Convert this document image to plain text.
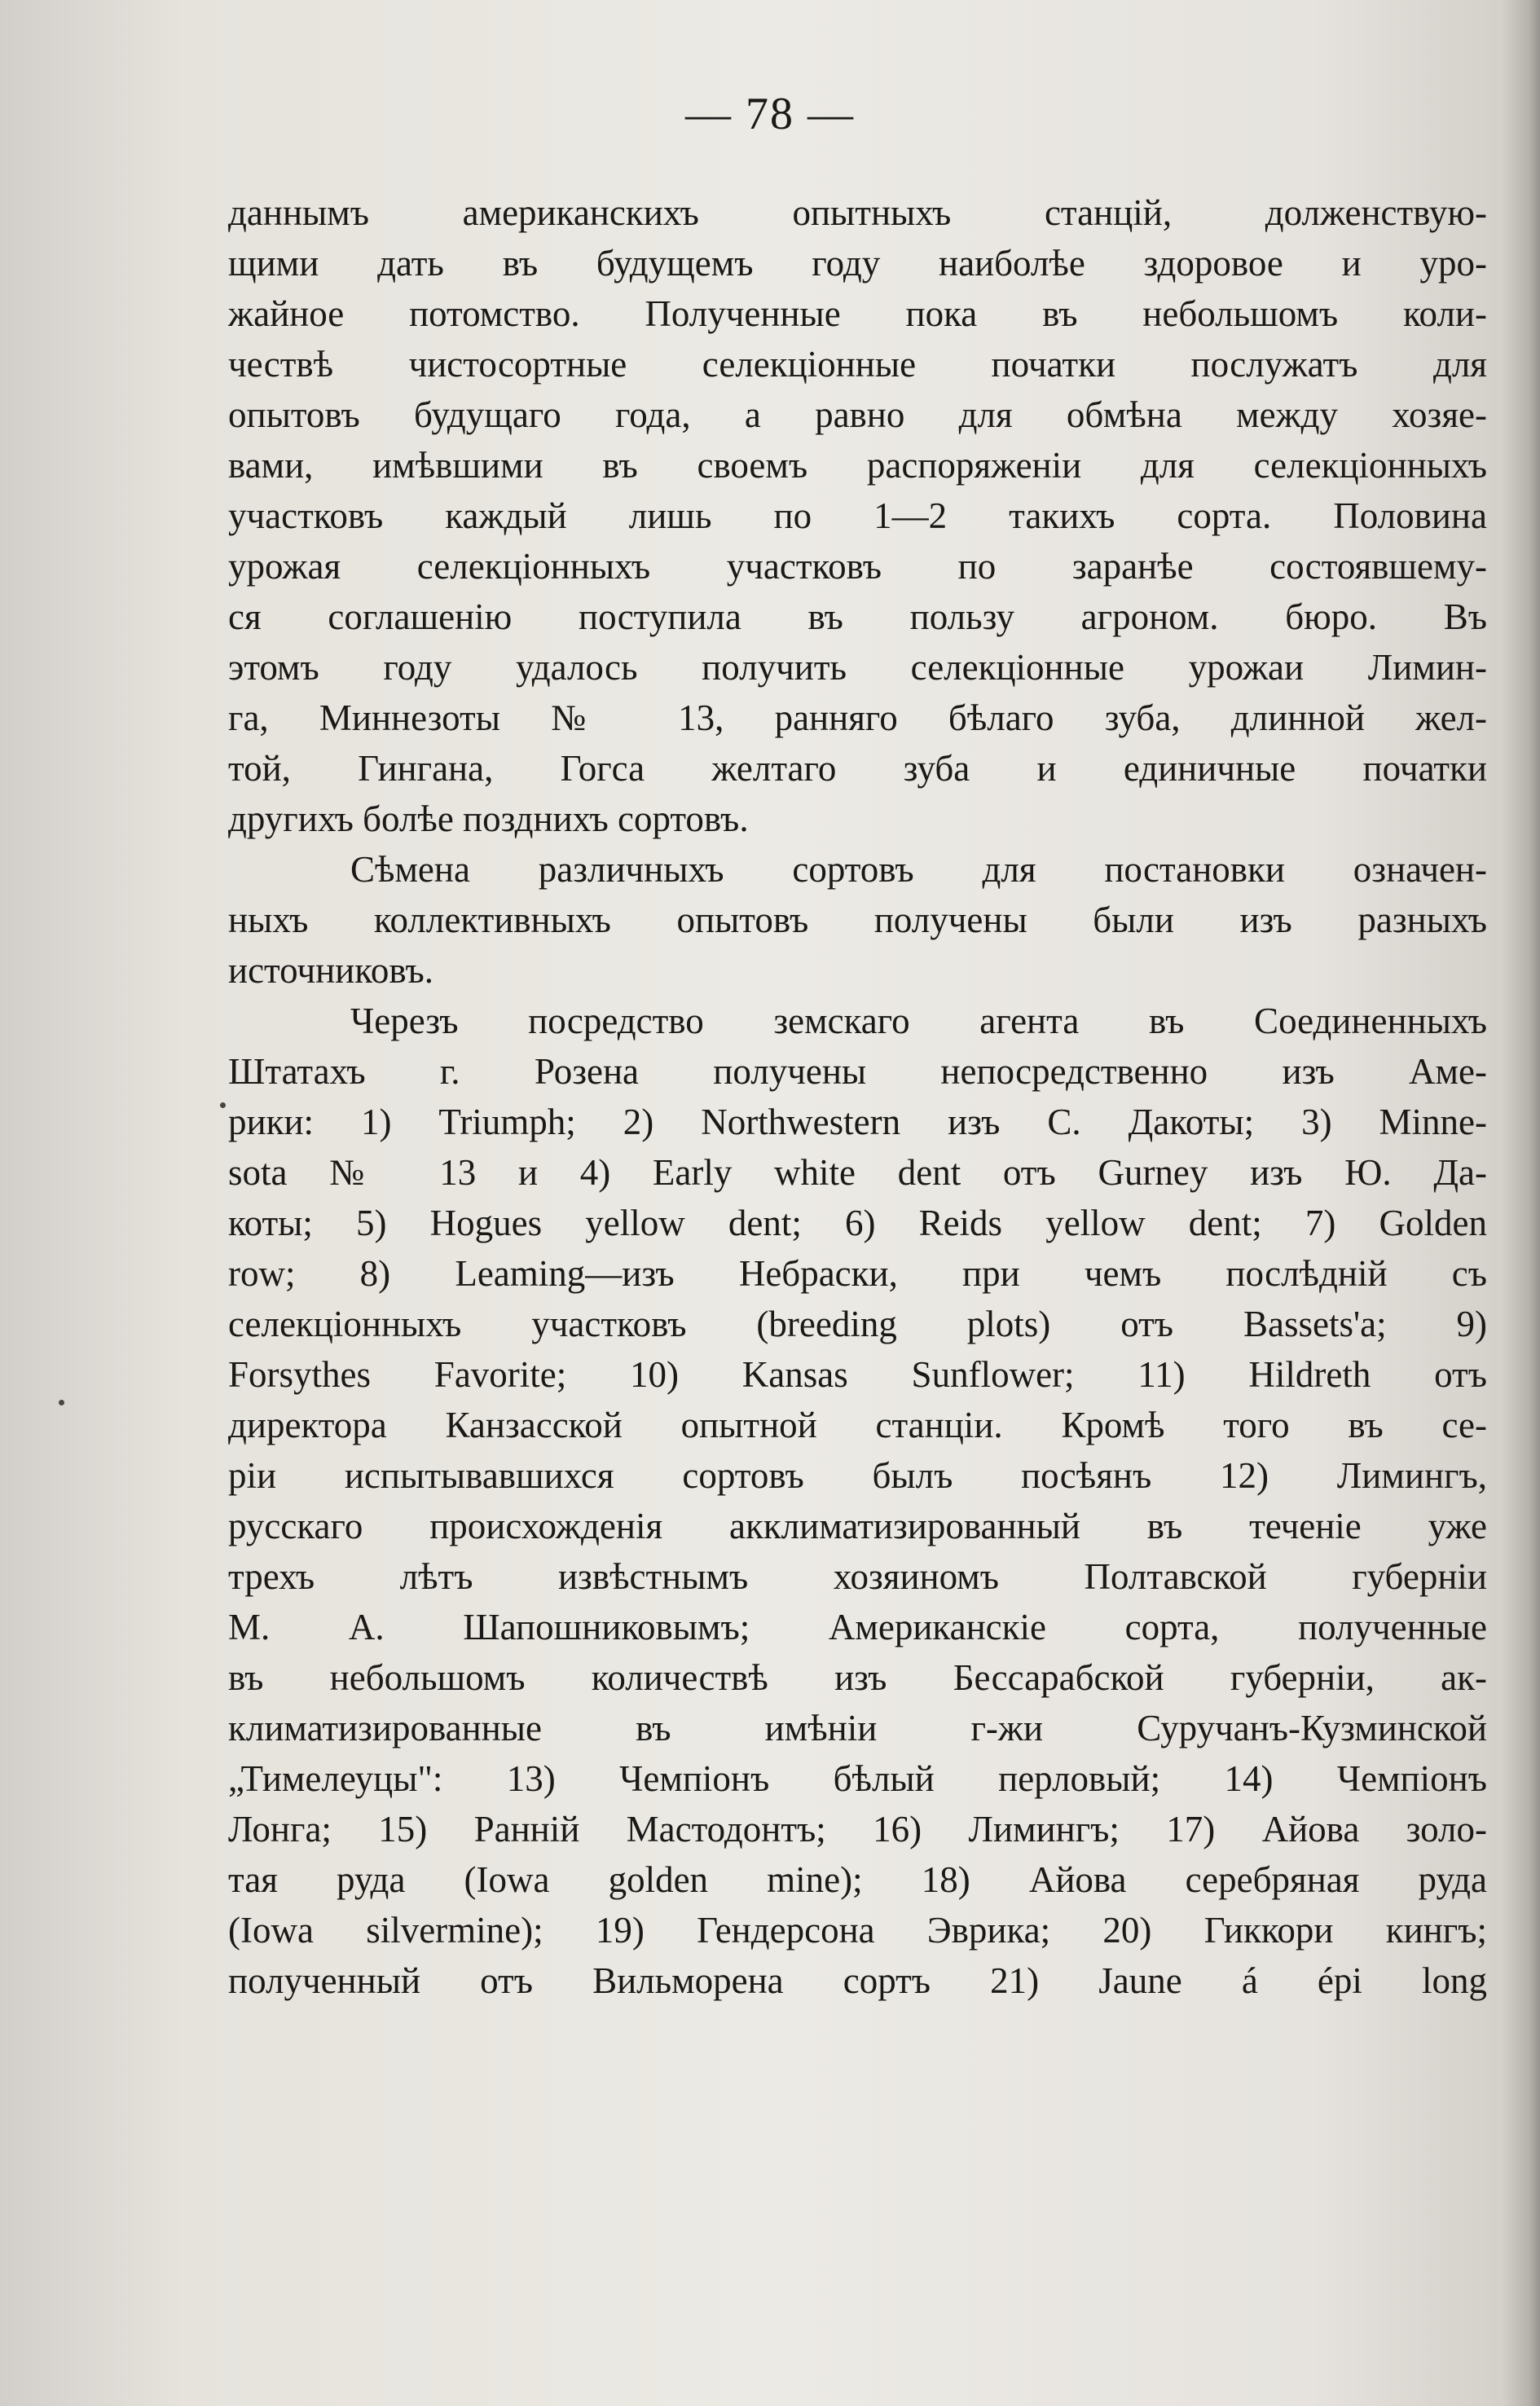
— 78 —
даннымъ американскихъ опытныхъ станцій, долженствую-
щими дать въ будущемъ году наиболѣе здоровое и уро-
жайное потомство. Полученные пока въ небольшомъ коли-
чествѣ чистосортные селекціонные початки послужатъ для
опытовъ будущаго года, а равно для обмѣна между хозяе-
вами, имѣвшими въ своемъ распоряженіи для селекціонныхъ
участковъ каждый лишь по 1—2 такихъ сорта. Половина
урожая селекціонныхъ участковъ по заранѣе состоявшему-
ся соглашенію поступила въ пользу агроном. бюро. Въ
этомъ году удалось получить селекціонные урожаи Лимин-
га, Миннезоты № 13, ранняго бѣлаго зуба, длинной жел-
той, Гингана, Гогса желтаго зуба и единичные початки
другихъ болѣе позднихъ сортовъ.
Сѣмена различныхъ сортовъ для постановки означен-
ныхъ коллективныхъ опытовъ получены были изъ разныхъ
источниковъ.
Черезъ посредство земскаго агента въ Соединенныхъ
Штатахъ г. Розена получены непосредственно изъ Аме-
рики: 1) Triumph; 2) Northwestern изъ С. Дакоты; 3) Minne-
sota № 13 и 4) Early white dent отъ Gurney изъ Ю. Да-
коты; 5) Hogues yellow dent; 6) Reids yellow dent; 7) Golden
row; 8) Leaming—изъ Небраски, при чемъ послѣдній съ
селекціонныхъ участковъ (breeding plots) отъ Bassets'а; 9)
Forsythes Favorite; 10) Kansas Sunflower; 11) Hildreth отъ
директора Канзасской опытной станціи. Кромѣ того въ се-
ріи испытывавшихся сортовъ былъ посѣянъ 12) Лимингъ,
русскаго происхожденія акклиматизированный въ теченіе уже
трехъ лѣтъ извѣстнымъ хозяиномъ Полтавской губерніи
М. А. Шапошниковымъ; Американскіе сорта, полученные
въ небольшомъ количествѣ изъ Бессарабской губерніи, ак-
климатизированные въ имѣніи г-жи Суручанъ-Кузминской
„Тимелеуцы": 13) Чемпіонъ бѣлый перловый; 14) Чемпіонъ
Лонга; 15) Ранній Мастодонтъ; 16) Лимингъ; 17) Айова золо-
тая руда (Iowa golden mine); 18) Айова серебряная руда
(Iowa silvermine); 19) Гендерсона Эврика; 20) Гиккори кингъ;
полученный отъ Вильморена сортъ 21) Jaune á épi long
